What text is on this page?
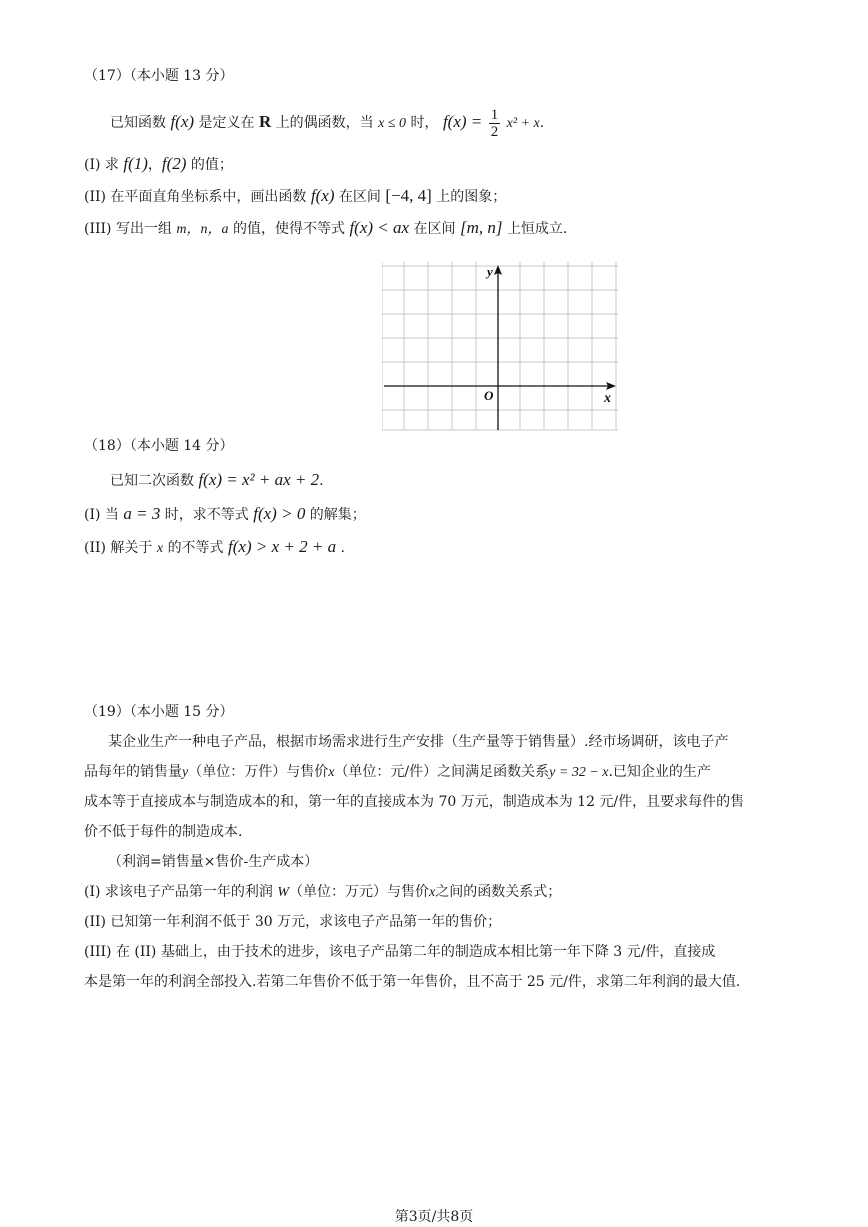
（17）（本小题 13 分）
已知函数 f(x) 是定义在 R 上的偶函数，当 x ≤ 0 时， $f(x) = \frac{1}{2} x^2 + x$.
(I) 求 f(1)，f(2) 的值；
(II) 在平面直角坐标系中，画出函数 f(x) 在区间 [−4, 4] 上的图象；
(III) 写出一组 m，n，a 的值，使得不等式 f(x) < ax 在区间 [m, n] 上恒成立.
y
x
O
（18）（本小题 14 分）
已知二次函数 f(x) = x² + ax + 2.
(I) 当 a = 3 时，求不等式 f(x) > 0 的解集；
(II) 解关于 x 的不等式 f(x) > x + 2 + a .
（19）（本小题 15 分）
某企业生产一种电子产品，根据市场需求进行生产安排（生产量等于销售量）.经市场调研，该电子产
品每年的销售量y（单位：万件）与售价x（单位：元/件）之间满足函数关系y = 32 − x.已知企业的生产
成本等于直接成本与制造成本的和，第一年的直接成本为 70 万元，制造成本为 12 元/件，且要求每件的售
价不低于每件的制造成本.
（利润=销售量×售价-生产成本）
(I) 求该电子产品第一年的利润 W（单位：万元）与售价x之间的函数关系式；
(II) 已知第一年利润不低于 30 万元，求该电子产品第一年的售价；
(III) 在 (II) 基础上，由于技术的进步，该电子产品第二年的制造成本相比第一年下降 3 元/件，直接成
本是第一年的利润全部投入.若第二年售价不低于第一年售价，且不高于 25 元/件，求第二年利润的最大值.
第3页/共8页
